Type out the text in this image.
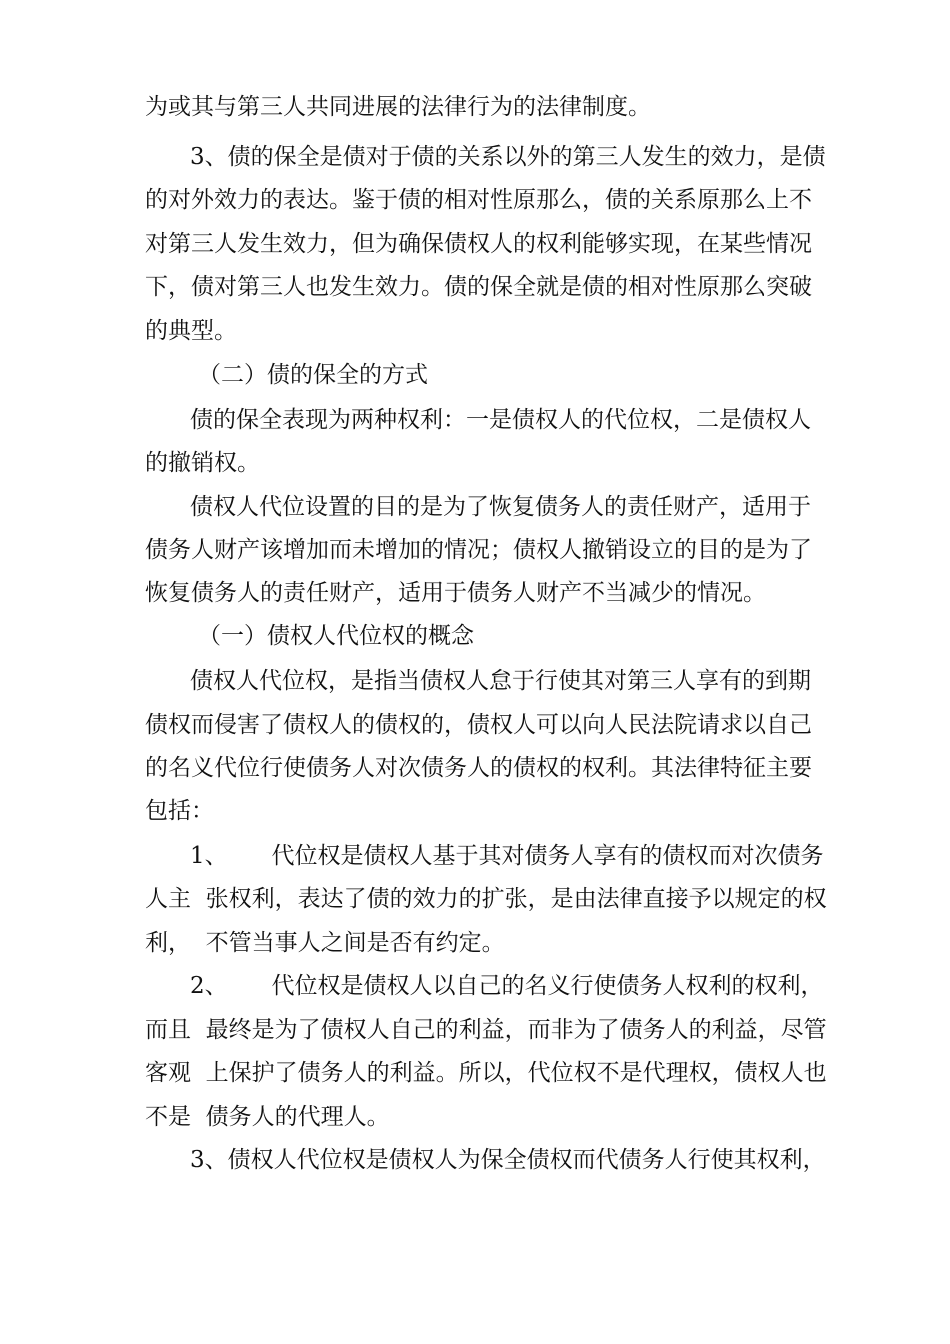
为或其与第三人共同进展的法律行为的法律制度。
3、债的保全是债对于债的关系以外的第三人发生的效力，是债
的对外效力的表达。鉴于债的相对性原那么，债的关系原那么上不
对第三人发生效力，但为确保债权人的权利能够实现，在某些情况
下，债对第三人也发生效力。债的保全就是债的相对性原那么突破
的典型。
（二）债的保全的方式
债的保全表现为两种权利：一是债权人的代位权，二是债权人
的撤销权。
债权人代位设置的目的是为了恢复债务人的责任财产，适用于
债务人财产该增加而未增加的情况；债权人撤销设立的目的是为了
恢复债务人的责任财产，适用于债务人财产不当减少的情况。
（一）债权人代位权的概念
债权人代位权，是指当债权人怠于行使其对第三人享有的到期
债权而侵害了债权人的债权的，债权人可以向人民法院请求以自己
的名义代位行使债务人对次债务人的债权的权利。其法律特征主要
包括：
1、      代位权是债权人基于其对债务人享有的债权而对次债务
人主  张权利，表达了债的效力的扩张，是由法律直接予以规定的权
利，  不管当事人之间是否有约定。
2、      代位权是债权人以自己的名义行使债务人权利的权利，
而且  最终是为了债权人自己的利益，而非为了债务人的利益，尽管
客观  上保护了债务人的利益。所以，代位权不是代理权，债权人也
不是  债务人的代理人。
3、债权人代位权是债权人为保全债权而代债务人行使其权利，
